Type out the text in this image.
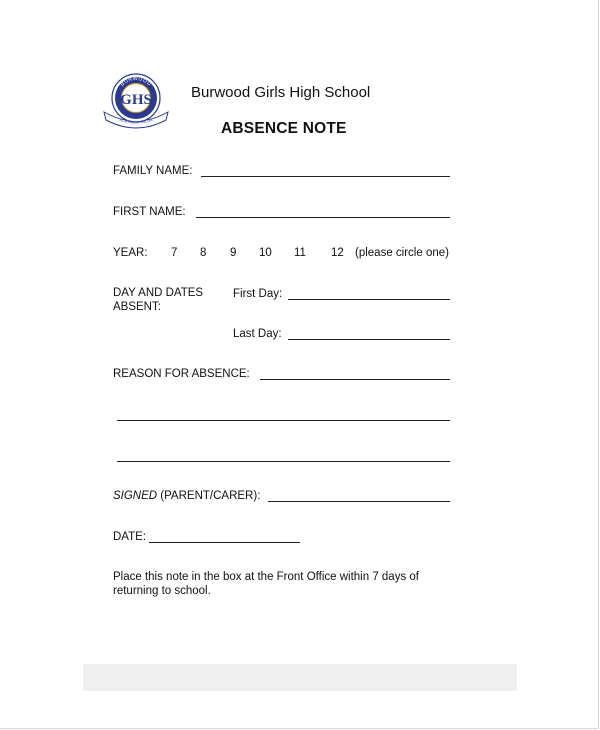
GHS
BURWOOD
NON NOBIS SOLUM
Burwood Girls High School
ABSENCE NOTE
FAMILY NAME:
FIRST NAME:
YEAR: 7 8 9 10 11 12 (please circle one)
DAY AND DATES
ABSENT:
First Day:
Last Day:
REASON FOR ABSENCE:
SIGNED (PARENT/CARER):
DATE:
Place this note in the box at the Front Office within 7 days of
returning to school.
